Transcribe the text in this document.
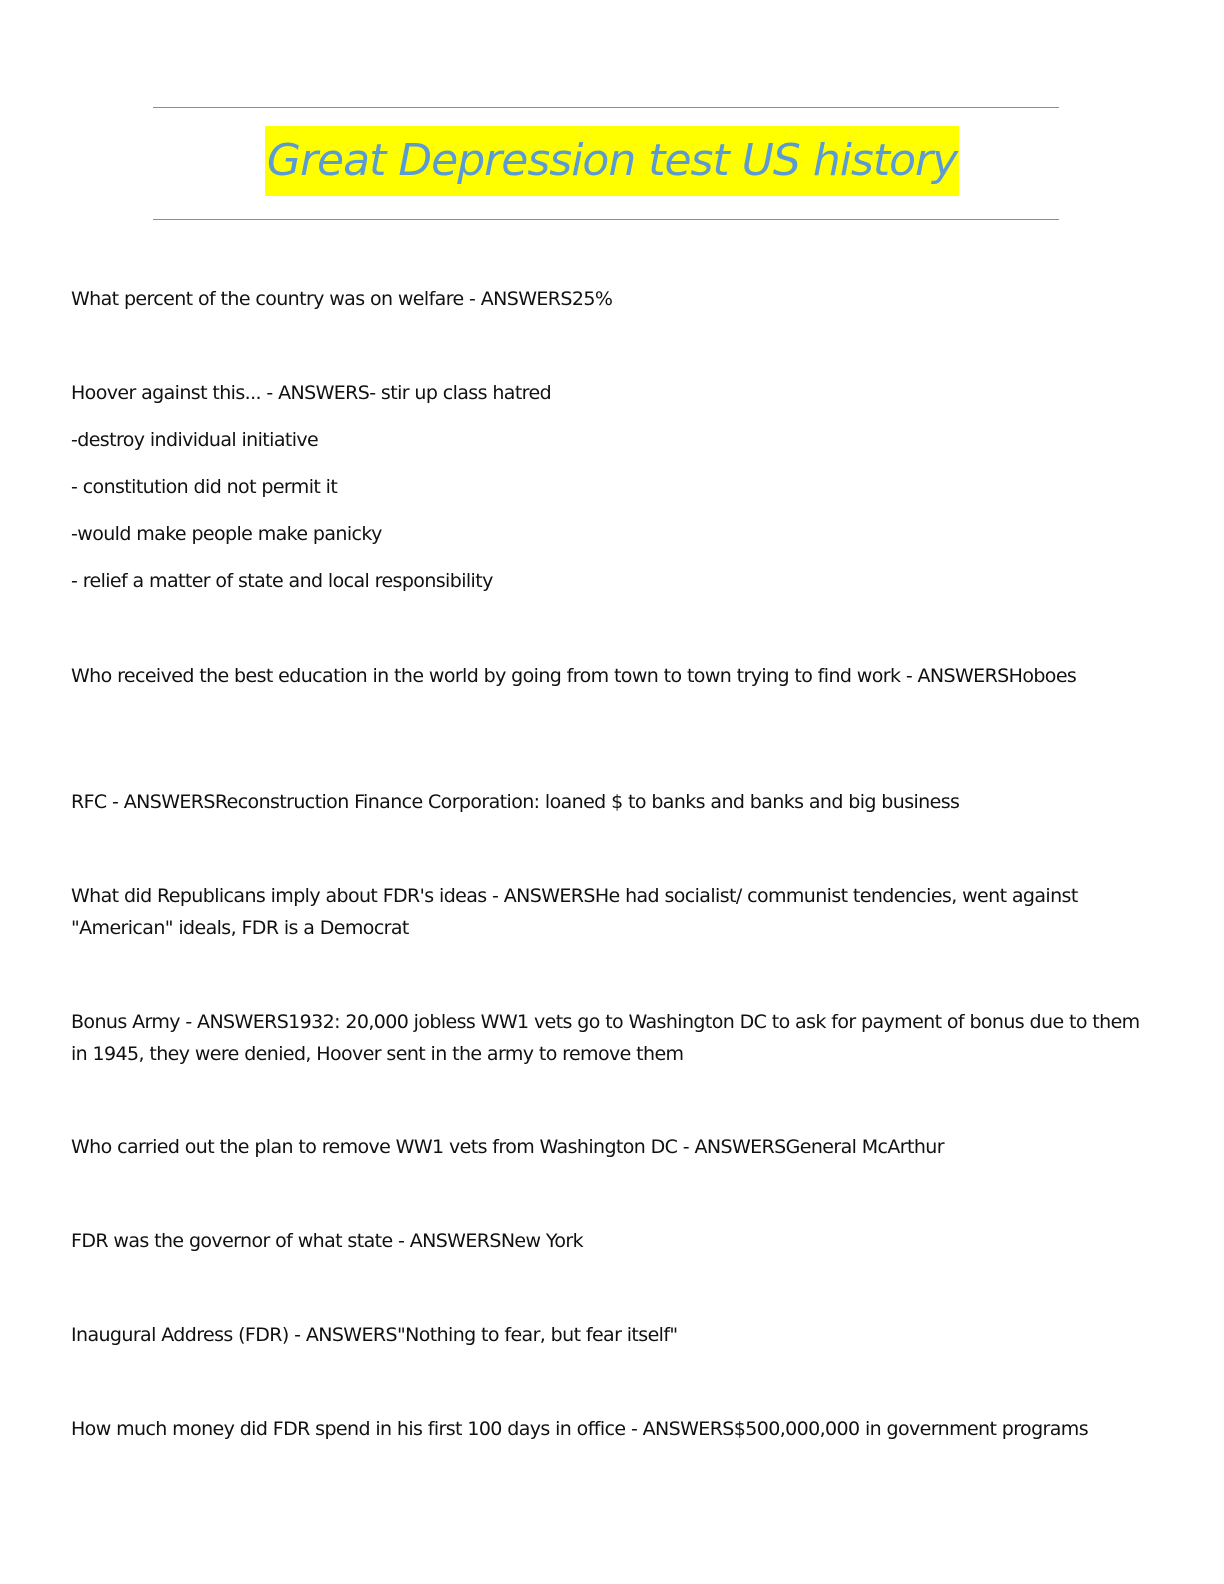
Great Depression test US history

What percent of the country was on welfare - ANSWERS25%

Hoover against this... - ANSWERS- stir up class hatred

-destroy individual initiative

- constitution did not permit it

-would make people make panicky

- relief a matter of state and local responsibility

Who received the best education in the world by going from town to town trying to find work - ANSWERSHoboes

RFC - ANSWERSReconstruction Finance Corporation: loaned $ to banks and banks and big business

What did Republicans imply about FDR's ideas - ANSWERSHe had socialist/ communist tendencies, went against "American" ideals, FDR is a Democrat

Bonus Army - ANSWERS1932: 20,000 jobless WW1 vets go to Washington DC to ask for payment of bonus due to them in 1945, they were denied, Hoover sent in the army to remove them

Who carried out the plan to remove WW1 vets from Washington DC - ANSWERSGeneral McArthur

FDR was the governor of what state - ANSWERSNew York

Inaugural Address (FDR) - ANSWERS"Nothing to fear, but fear itself"

How much money did FDR spend in his first 100 days in office - ANSWERS$500,000,000 in government programs
